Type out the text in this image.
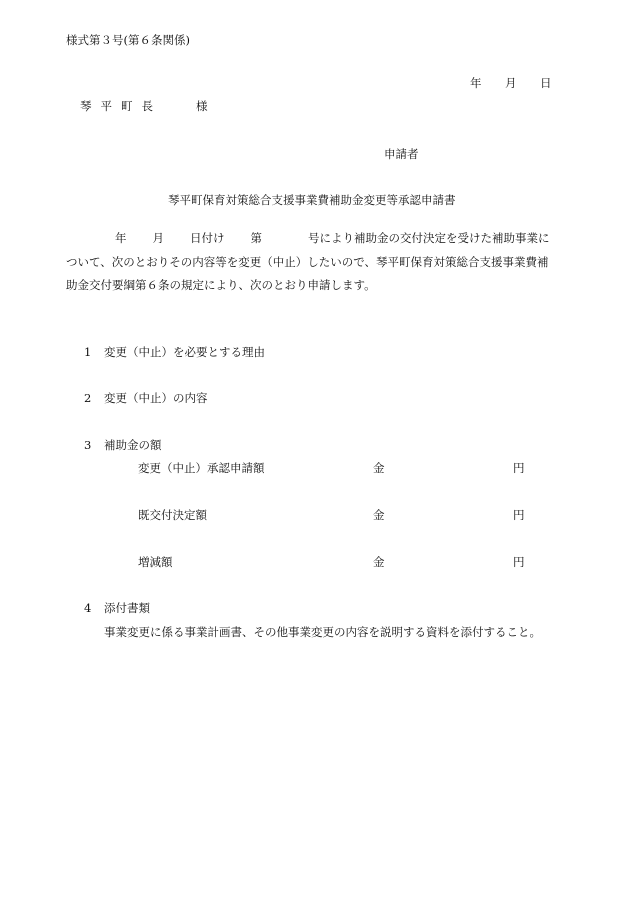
様式第３号(第６条関係)
年 月 日
琴平町長	様
申請者
琴平町保育対策総合支援事業費補助金変更等承認申請書
年 月 日付け 第	号により補助金の交付決定を受けた補助事業に
ついて、次のとおりその内容等を変更（中止）したいので、琴平町保育対策総合支援事業費補
助金交付要綱第６条の規定により、次のとおり申請します。
1 変更（中止）を必要とする理由
2 変更（中止）の内容
3 補助金の額
変更（中止）承認申請額	金	円
既交付決定額	金	円
増減額	金	円
4 添付書類
事業変更に係る事業計画書、その他事業変更の内容を説明する資料を添付すること。
